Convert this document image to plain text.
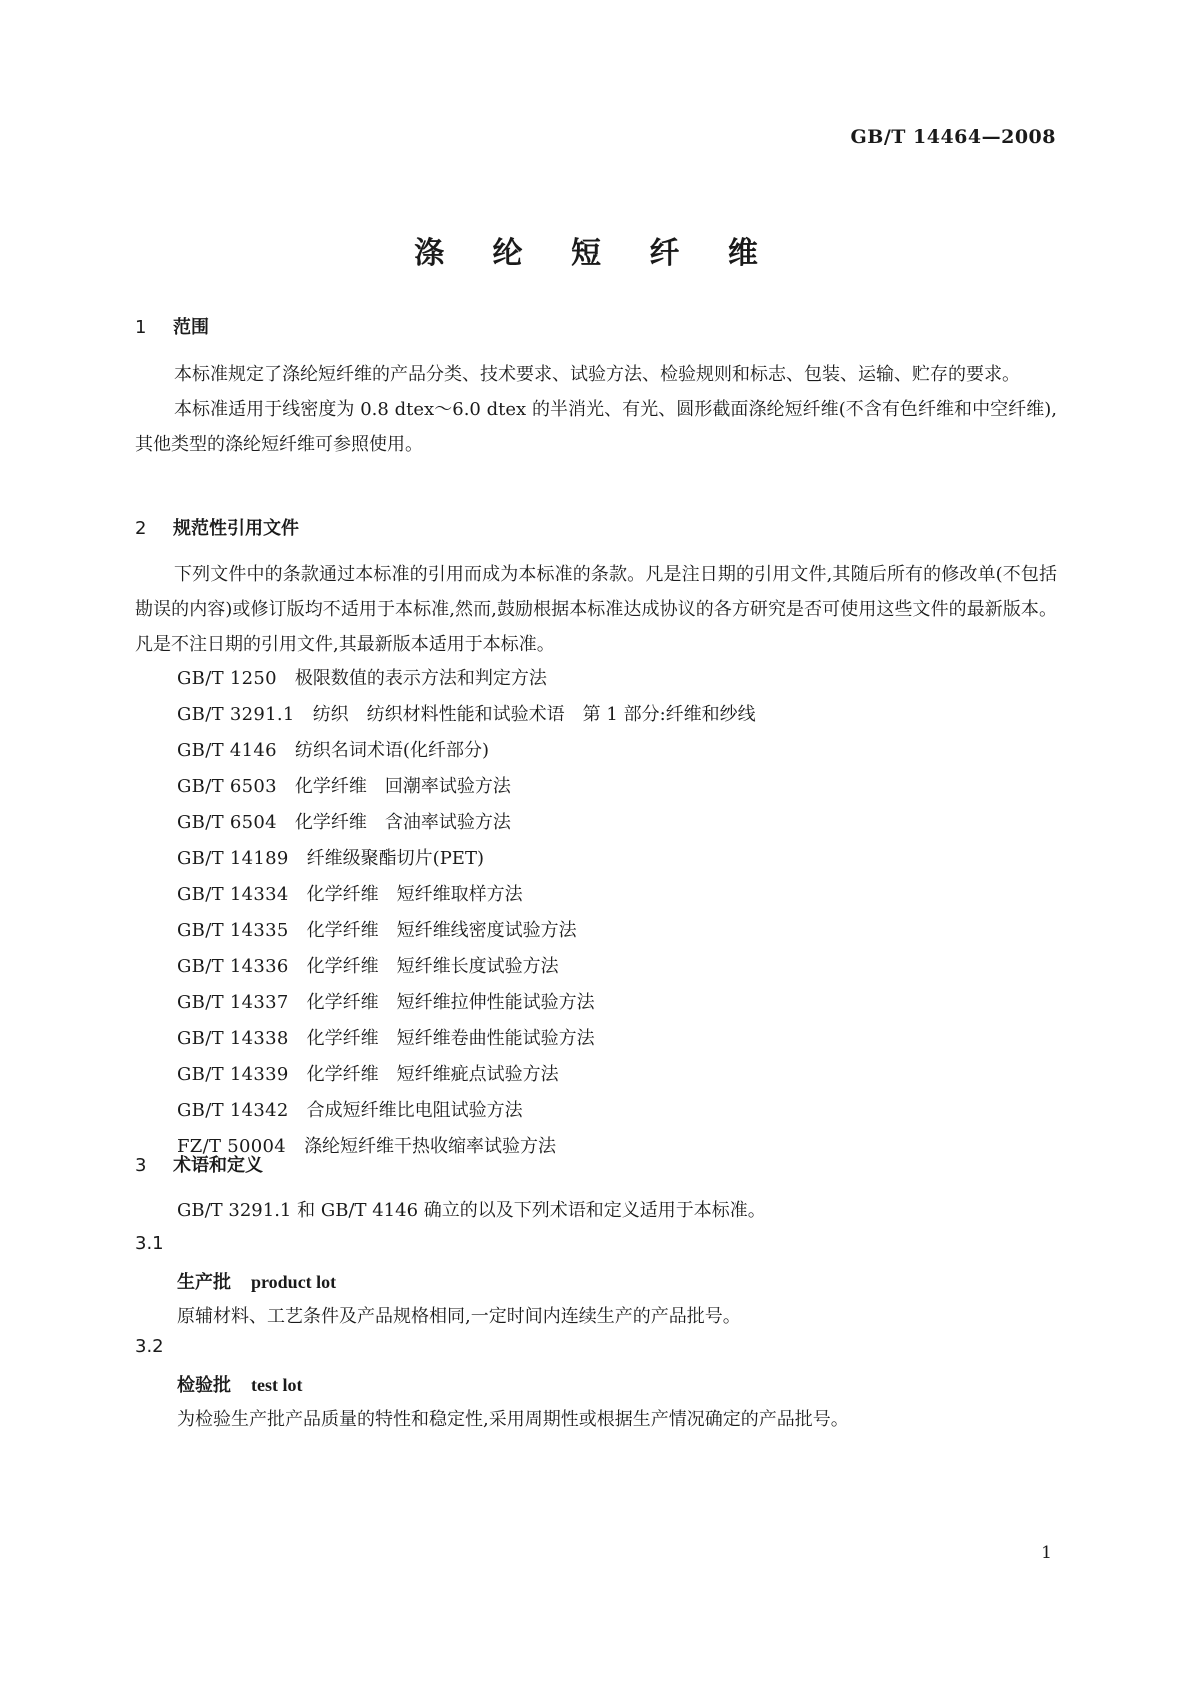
GB/T 14464—2008
涤 纶 短 纤 维
1 范围

本标准规定了涤纶短纤维的产品分类、技术要求、试验方法、检验规则和标志、包装、运输、贮存的要求。

本标准适用于线密度为 0.8 dtex～6.0 dtex 的半消光、有光、圆形截面涤纶短纤维(不含有色纤维和中空纤维),其他类型的涤纶短纤维可参照使用。

2 规范性引用文件

下列文件中的条款通过本标准的引用而成为本标准的条款。凡是注日期的引用文件,其随后所有的修改单(不包括勘误的内容)或修订版均不适用于本标准,然而,鼓励根据本标准达成协议的各方研究是否可使用这些文件的最新版本。凡是不注日期的引用文件,其最新版本适用于本标准。

GB/T 1250 极限数值的表示方法和判定方法
GB/T 3291.1 纺织　纺织材料性能和试验术语　第 1 部分:纤维和纱线
GB/T 4146 纺织名词术语(化纤部分)
GB/T 6503 化学纤维　回潮率试验方法
GB/T 6504 化学纤维　含油率试验方法
GB/T 14189 纤维级聚酯切片(PET)
GB/T 14334 化学纤维　短纤维取样方法
GB/T 14335 化学纤维　短纤维线密度试验方法
GB/T 14336 化学纤维　短纤维长度试验方法
GB/T 14337 化学纤维　短纤维拉伸性能试验方法
GB/T 14338 化学纤维　短纤维卷曲性能试验方法
GB/T 14339 化学纤维　短纤维疵点试验方法
GB/T 14342 合成短纤维比电阻试验方法
FZ/T 50004 涤纶短纤维干热收缩率试验方法
3 术语和定义
GB/T 3291.1 和 GB/T 4146 确立的以及下列术语和定义适用于本标准。
3.1
生产批 product lot
原辅材料、工艺条件及产品规格相同,一定时间内连续生产的产品批号。
3.2
检验批 test lot
为检验生产批产品质量的特性和稳定性,采用周期性或根据生产情况确定的产品批号。
1
